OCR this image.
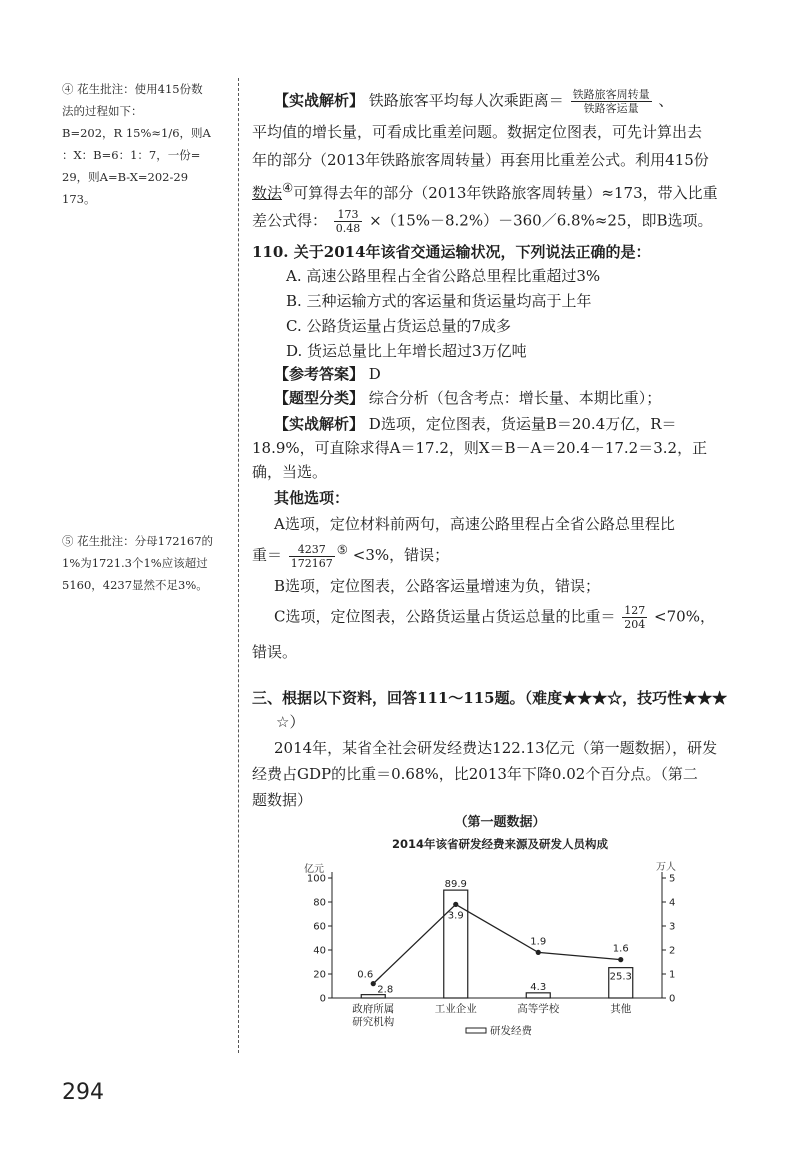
④ 花生批注：使用415份数

法的过程如下：

B=202，R 15%≈1/6，则A

：X：B=6：1：7，一份=

29，则A=B-X=202-29

173。

⑤ 花生批注：分母172167的

1%为1721.3个1%应该超过

5160，4237显然不足3%。

【实战解析】 铁路旅客平均每人次乘距离＝ $\frac{\text{铁路旅客周转量}}{\text{铁路客运量}}$ 、
平均值的增长量，可看成比重差问题。数据定位图表，可先计算出去
年的部分（2013年铁路旅客周转量）再套用比重差公式。利用415份
数法④可算得去年的部分（2013年铁路旅客周转量）≈173，带入比重
差公式得： $\frac{173}{0.48}$ ×（15%－8.2%）－360／6.8%≈25，即B选项。
110. 关于2014年该省交通运输状况，下列说法正确的是：
A. 高速公路里程占全省公路总里程比重超过3%
B. 三种运输方式的客运量和货运量均高于上年
C. 公路货运量占货运总量的7成多
D. 货运总量比上年增长超过3万亿吨
【参考答案】 D
【题型分类】 综合分析（包含考点：增长量、本期比重）；
【实战解析】 D选项，定位图表，货运量B＝20.4万亿，R＝
18.9%，可直除求得A＝17.2，则X＝B－A＝20.4－17.2＝3.2，正
确，当选。
其他选项：
A选项，定位材料前两句，高速公路里程占全省公路总里程比
重＝ $\frac{4237}{172167} ^⑤ <3\%$，错误；
B选项，定位图表，公路客运量增速为负，错误；
C选项，定位图表，公路货运量占货运总量的比重＝ $\frac{127}{204} <70\%$，
错误。
三、根据以下资料，回答111～115题。（难度★★★☆，技巧性★★★
☆）
2014年，某省全社会研发经费达122.13亿元（第一题数据），研发
经费占GDP的比重＝0.68%，比2013年下降0.02个百分点。（第二
题数据）
（第一题数据）
2014年该省研发经费来源及研发人员构成
亿元	万人
0
20
40
60
80
100
0
1
2
3
4
5
2.8
89.9
4.3
25.3
0.6
3.9
1.9
1.6
政府所属
研究机构
工业企业	高等学校	其他
研发经费
294
